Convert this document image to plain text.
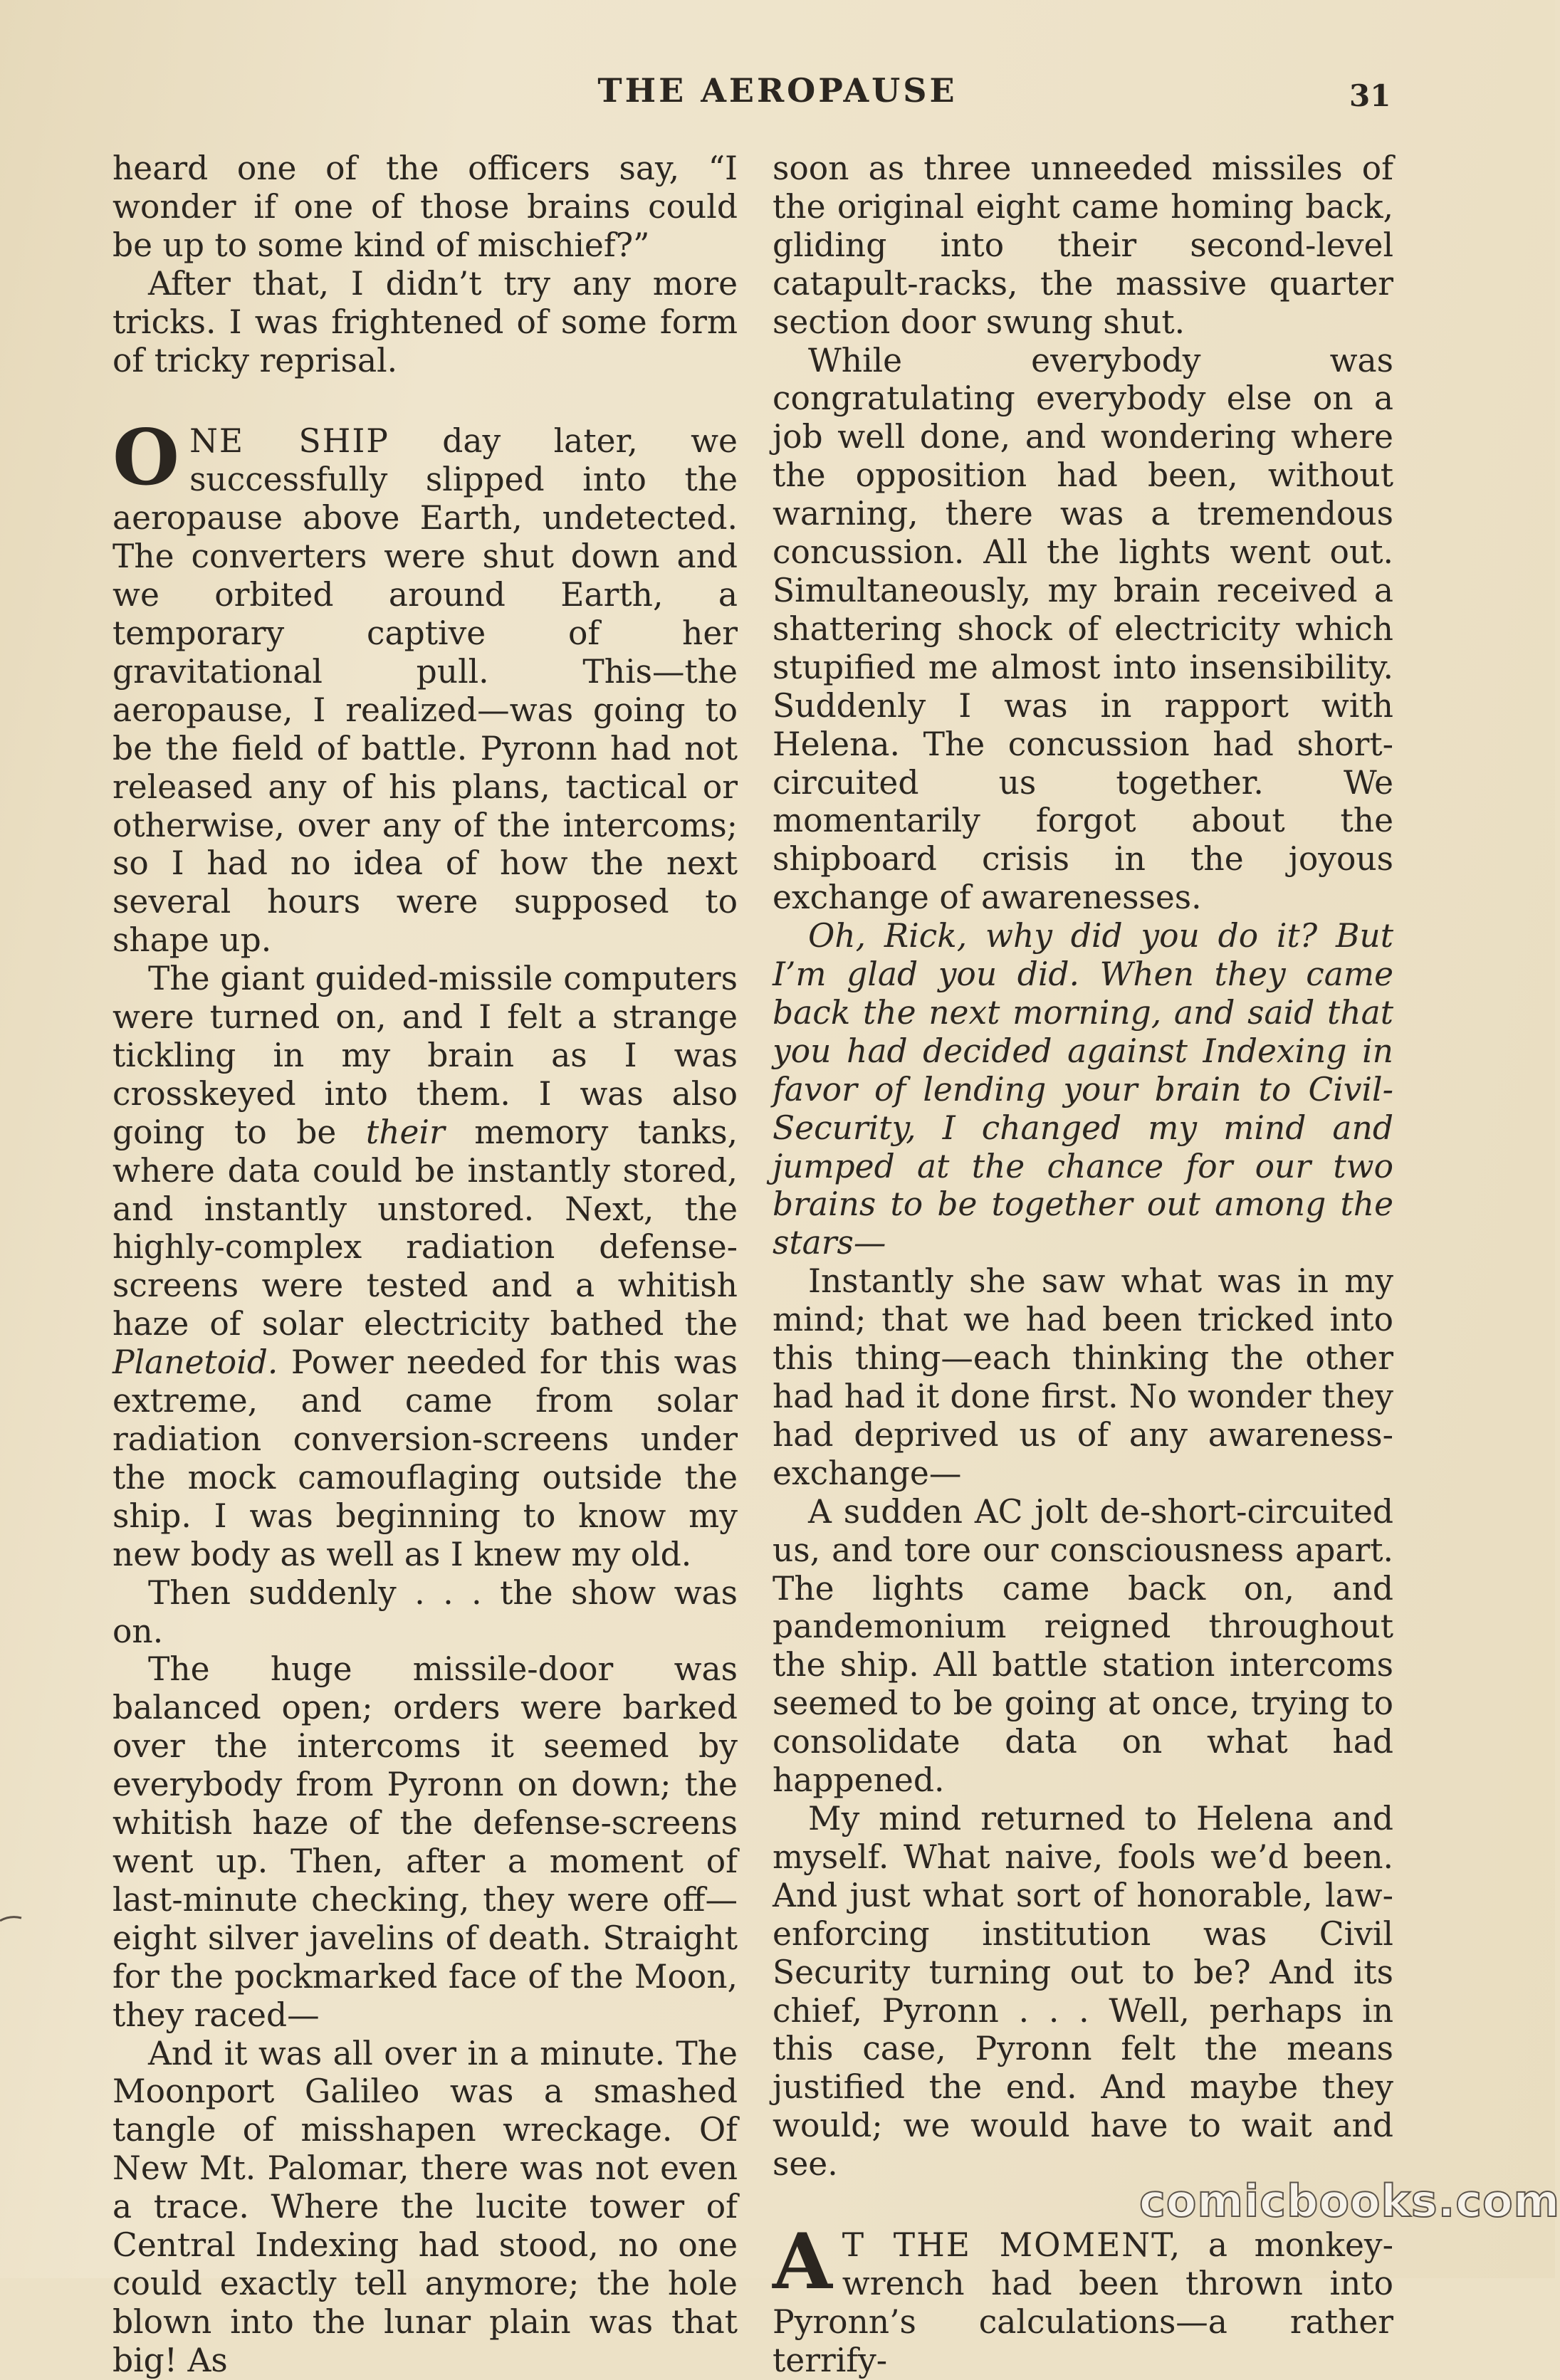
THE AEROPAUSE	31

heard one of the officers say, “I wonder if one of those brains could be up to some kind of mischief?”

After that, I didn’t try any more tricks. I was frightened of some form of tricky reprisal.

ONE SHIP day later, we successfully slipped into the aeropause above Earth, undetected. The converters were shut down and we orbited around Earth, a temporary captive of her gravitational pull. This—the aeropause, I realized—was going to be the field of battle. Pyronn had not released any of his plans, tactical or otherwise, over any of the intercoms; so I had no idea of how the next several hours were supposed to shape up.

The giant guided-missile computers were turned on, and I felt a strange tickling in my brain as I was crosskeyed into them. I was also going to be their memory tanks, where data could be instantly stored, and instantly unstored. Next, the highly-complex radiation defense-screens were tested and a whitish haze of solar electricity bathed the Planetoid. Power needed for this was extreme, and came from solar radiation conversion-screens under the mock camouflaging outside the ship. I was beginning to know my new body as well as I knew my old.

Then suddenly . . . the show was on.

The huge missile-door was balanced open; orders were barked over the intercoms it seemed by everybody from Pyronn on down; the whitish haze of the defense-screens went up. Then, after a moment of last-minute checking, they were off—eight silver javelins of death. Straight for the pockmarked face of the Moon, they raced—

And it was all over in a minute. The Moonport Galileo was a smashed tangle of misshapen wreckage. Of New Mt. Palomar, there was not even a trace. Where the lucite tower of Central Indexing had stood, no one could exactly tell anymore; the hole blown into the lunar plain was that big! As

soon as three unneeded missiles of the original eight came homing back, gliding into their second-level catapult-racks, the massive quarter section door swung shut.

While everybody was congratulating everybody else on a job well done, and wondering where the opposition had been, without warning, there was a tremendous concussion. All the lights went out. Simultaneously, my brain received a shattering shock of electricity which stupified me almost into insensibility. Suddenly I was in rapport with Helena. The concussion had short-circuited us together. We momentarily forgot about the shipboard crisis in the joyous exchange of awarenesses.

Oh, Rick, why did you do it? But I’m glad you did. When they came back the next morning, and said that you had decided against Indexing in favor of lending your brain to Civil-Security, I changed my mind and jumped at the chance for our two brains to be together out among the stars—

Instantly she saw what was in my mind; that we had been tricked into this thing—each thinking the other had had it done first. No wonder they had deprived us of any awareness-exchange—

A sudden AC jolt de-short-circuited us, and tore our consciousness apart. The lights came back on, and pandemonium reigned throughout the ship. All battle station intercoms seemed to be going at once, trying to consolidate data on what had happened.

My mind returned to Helena and myself. What naive, fools we’d been. And just what sort of honorable, law-enforcing institution was Civil Security turning out to be? And its chief, Pyronn . . . Well, perhaps in this case, Pyronn felt the means justified the end. And maybe they would; we would have to wait and see.

A T THE MOMENT, a monkey-wrench had been thrown into Pyronn’s calculations—a rather terrify-

comicbooks.com
